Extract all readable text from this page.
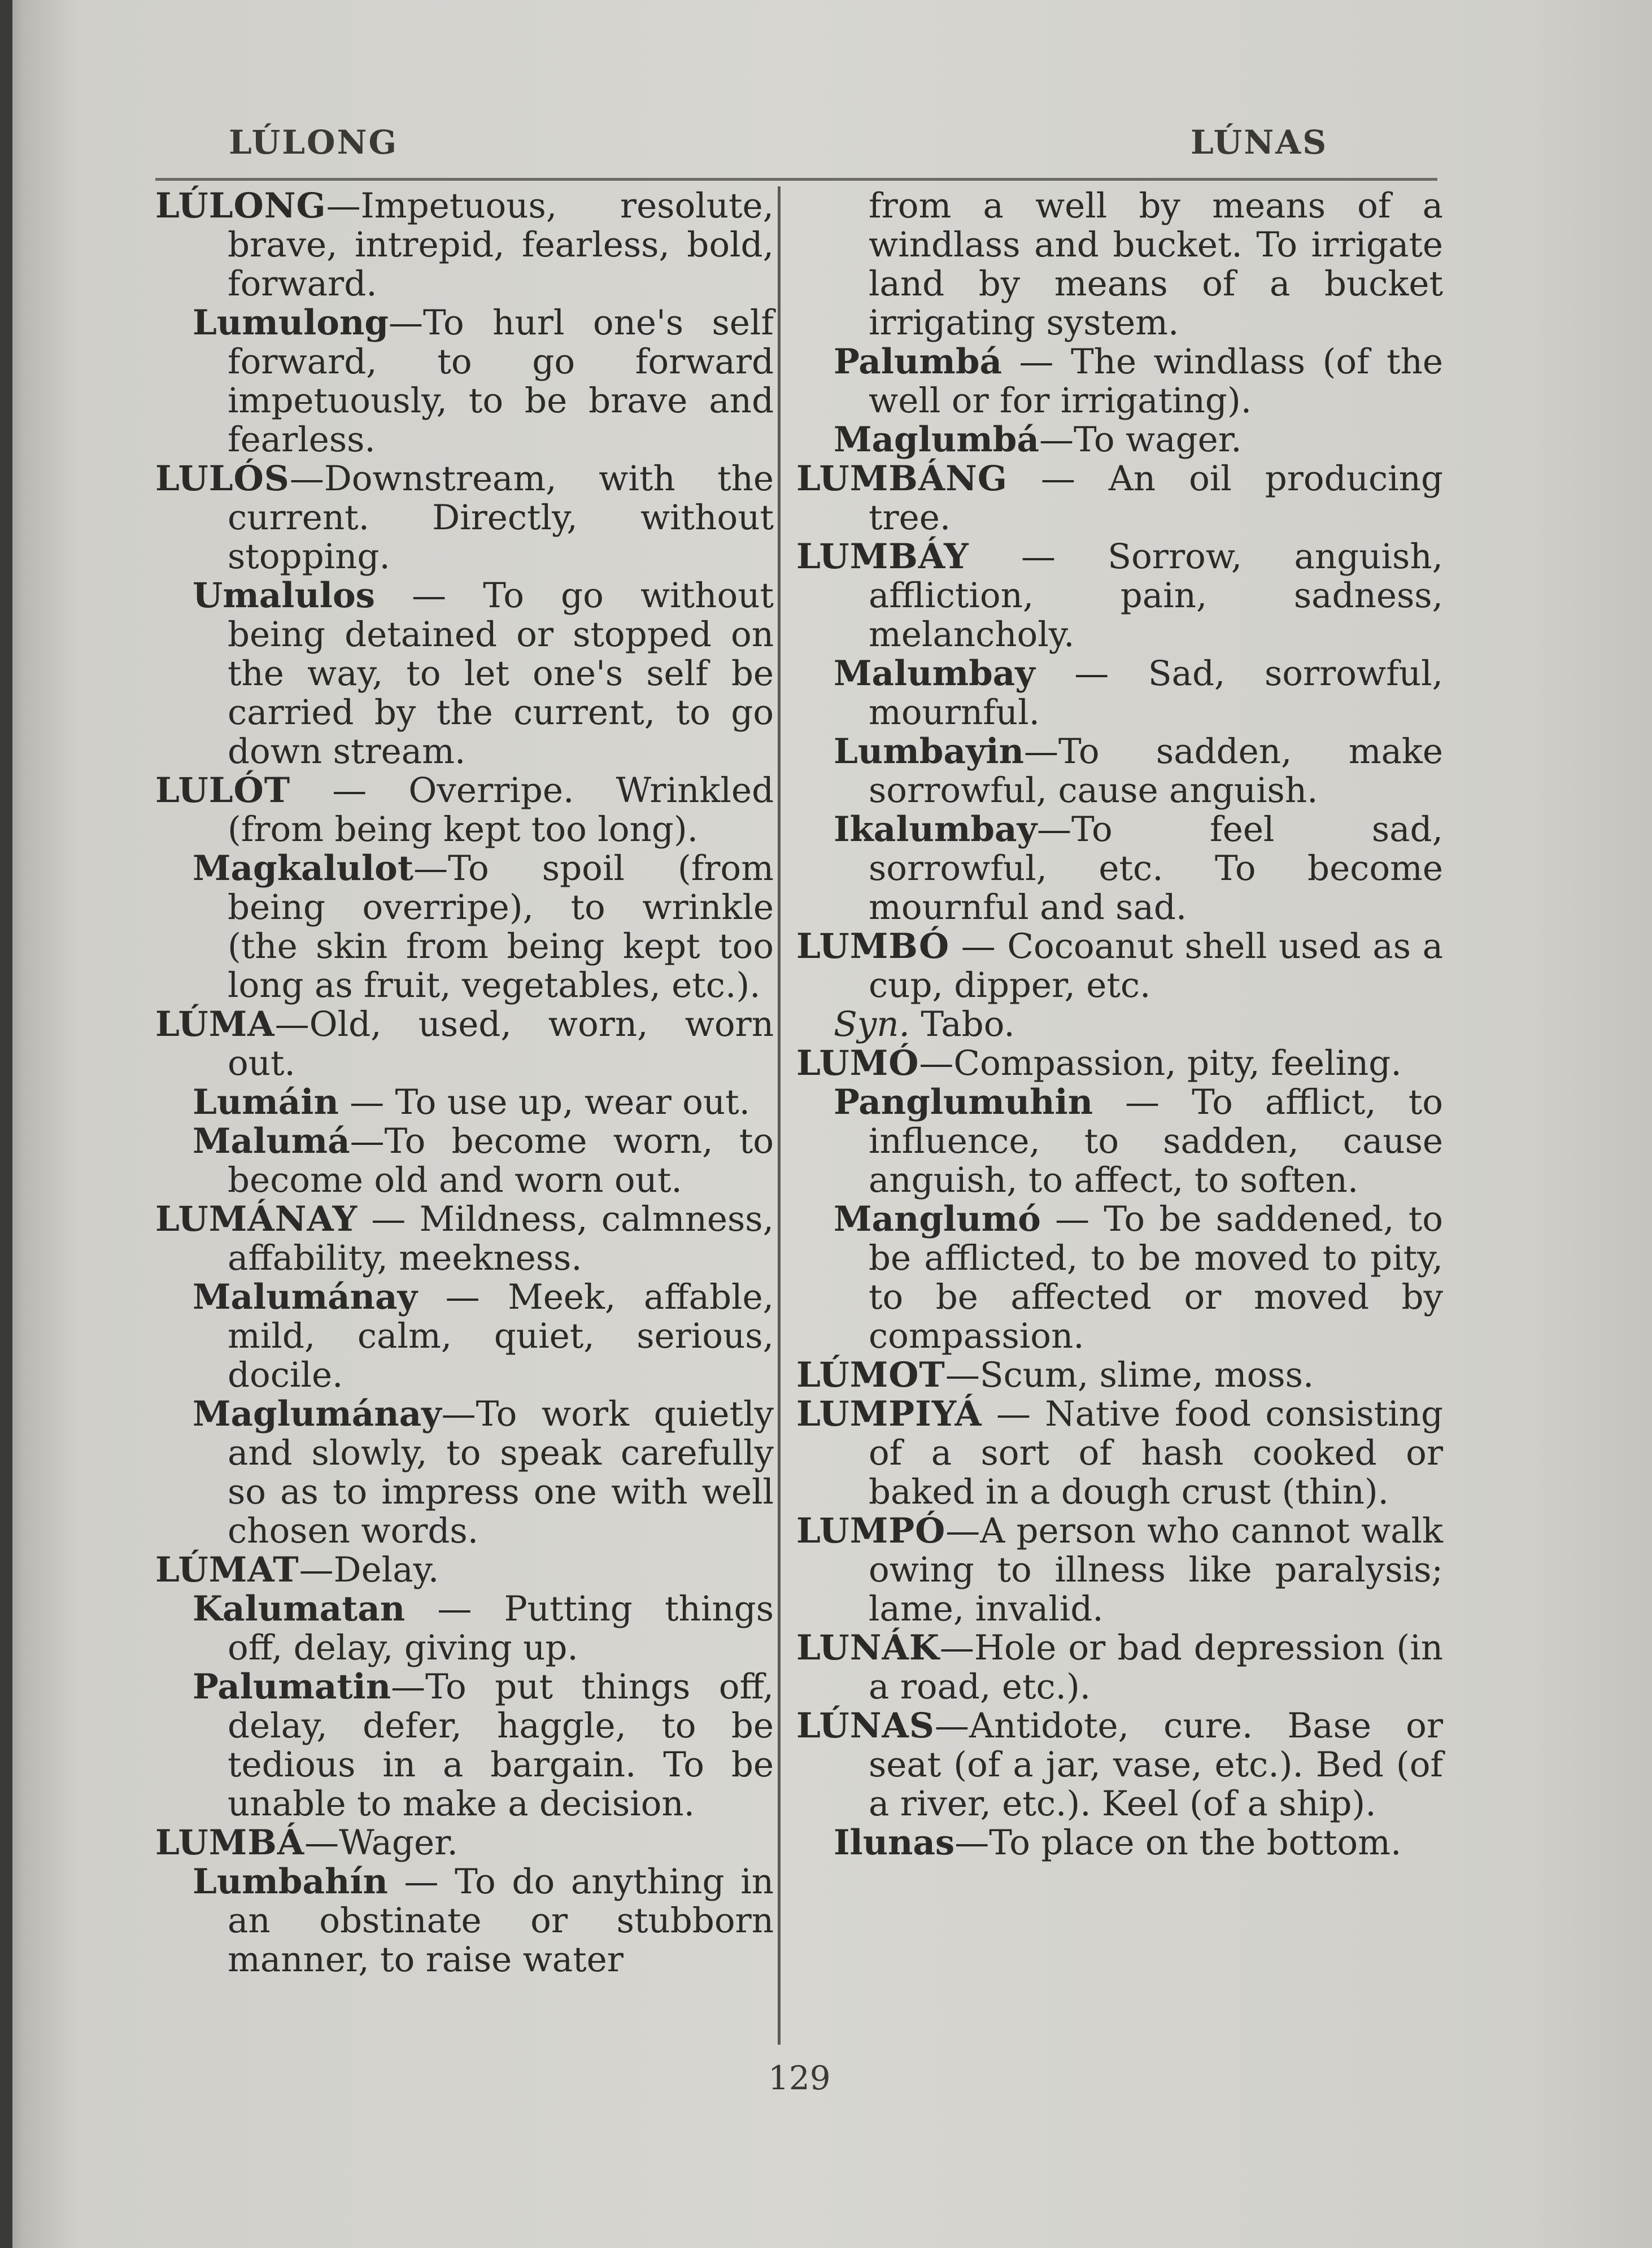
LÚLONG	LÚNAS

LÚLONG—Impetuous, resolute, brave, intrepid, fearless, bold, forward.

Lumulong—To hurl one's self forward, to go forward impetuously, to be brave and fearless.

LULÓS—Downstream, with the current. Directly, without stopping.

Umalulos — To go without being detained or stopped on the way, to let one's self be carried by the current, to go down stream.

LULÓT — Overripe. Wrinkled (from being kept too long).

Magkalulot—To spoil (from being overripe), to wrinkle (the skin from being kept too long as fruit, vegetables, etc.).

LÚMA—Old, used, worn, worn out.

Lumáin — To use up, wear out.

Malumá—To become worn, to become old and worn out.

LUMÁNAY — Mildness, calmness, affability, meekness.

Malumánay — Meek, affable, mild, calm, quiet, serious, docile.

Maglumánay—To work quietly and slowly, to speak carefully so as to impress one with well chosen words.

LÚMAT—Delay.

Kalumatan — Putting things off, delay, giving up.

Palumatin—To put things off, delay, defer, haggle, to be tedious in a bargain. To be unable to make a decision.

LUMBÁ—Wager.

Lumbahín — To do anything in an obstinate or stubborn manner, to raise water

from a well by means of a windlass and bucket. To irrigate land by means of a bucket irrigating system.

Palumbá — The windlass (of the well or for irrigating).

Maglumbá—To wager.

LUMBÁNG — An oil producing tree.

LUMBÁY — Sorrow, anguish, affliction, pain, sadness, melancholy.

Malumbay — Sad, sorrowful, mournful.

Lumbayin—To sadden, make sorrowful, cause anguish.

Ikalumbay—To feel sad, sorrowful, etc. To become mournful and sad.

LUMBÓ — Cocoanut shell used as a cup, dipper, etc.

Syn. Tabo.

LUMÓ—Compassion, pity, feeling.

Panglumuhin — To afflict, to influence, to sadden, cause anguish, to affect, to soften.

Manglumó — To be saddened, to be afflicted, to be moved to pity, to be affected or moved by compassion.

LÚMOT—Scum, slime, moss.

LUMPIYÁ — Native food consisting of a sort of hash cooked or baked in a dough crust (thin).

LUMPÓ—A person who cannot walk owing to illness like paralysis; lame, invalid.

LUNÁK—Hole or bad depression (in a road, etc.).

LÚNAS—Antidote, cure. Base or seat (of a jar, vase, etc.). Bed (of a river, etc.). Keel (of a ship).

Ilunas—To place on the bottom.

129
